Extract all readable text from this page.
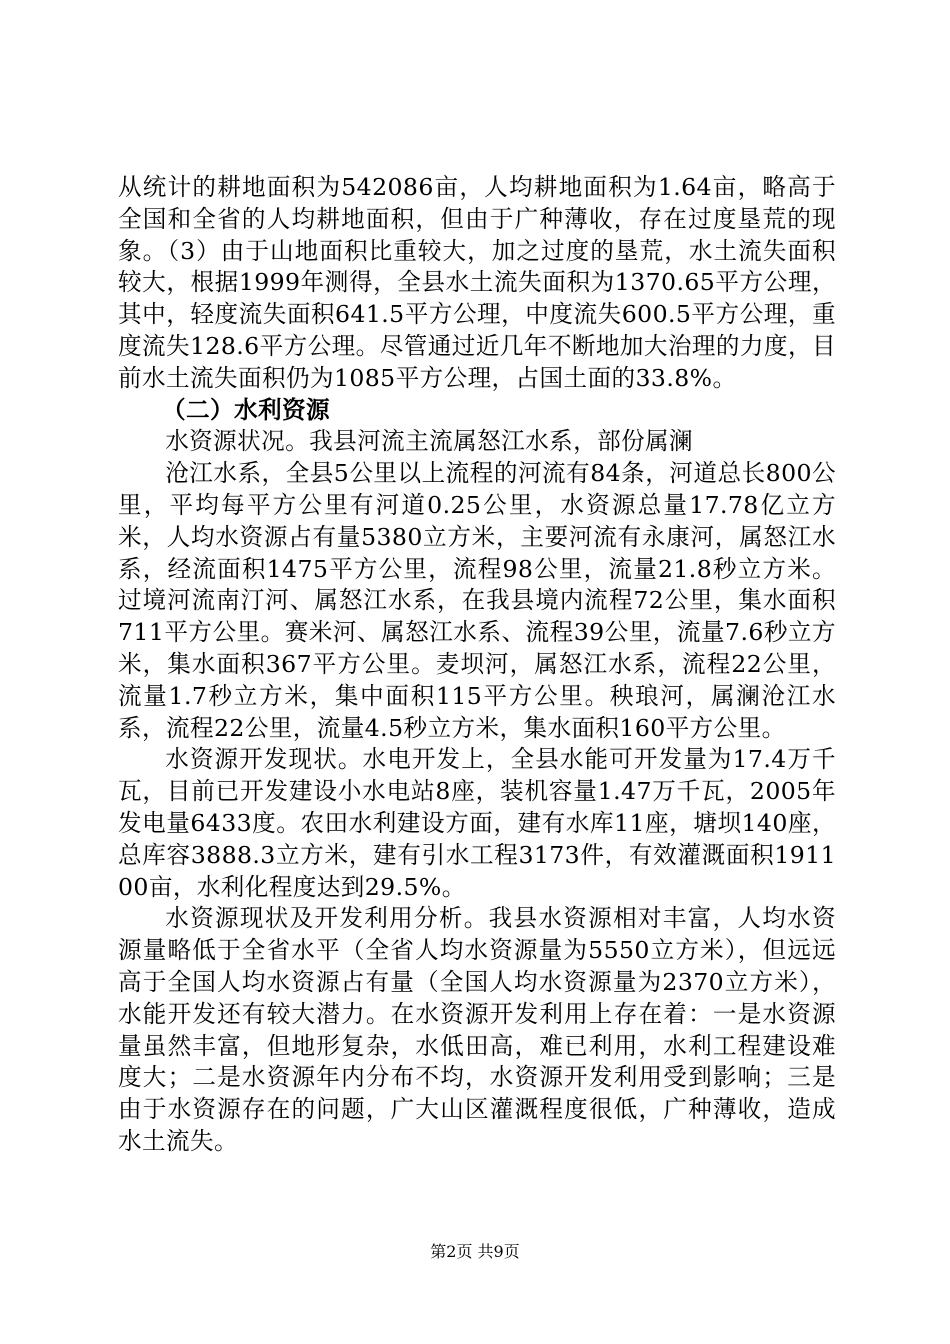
从统计的耕地面积为542086亩，人均耕地面积为1.64亩，略高于全国和全省的人均耕地面积，但由于广种薄收，存在过度垦荒的现象。（3）由于山地面积比重较大，加之过度的垦荒，水土流失面积较大，根据1999年测得，全县水土流失面积为1370.65平方公理，其中，轻度流失面积641.5平方公理，中度流失600.5平方公理，重度流失128.6平方公理。尽管通过近几年不断地加大治理的力度，目前水土流失面积仍为1085平方公理，占国土面的33.8%。

（二）水利资源

水资源状况。我县河流主流属怒江水系，部份属澜

沧江水系，全县5公里以上流程的河流有84条，河道总长800公里，平均每平方公里有河道0.25公里，水资源总量17.78亿立方米，人均水资源占有量5380立方米，主要河流有永康河，属怒江水系，经流面积1475平方公里，流程98公里，流量21.8秒立方米。过境河流南汀河、属怒江水系，在我县境内流程72公里，集水面积711平方公里。赛米河、属怒江水系、流程39公里，流量7.6秒立方米，集水面积367平方公里。麦坝河，属怒江水系，流程22公里，流量1.7秒立方米，集中面积115平方公里。秧琅河，属澜沧江水系，流程22公里，流量4.5秒立方米，集水面积160平方公里。

水资源开发现状。水电开发上，全县水能可开发量为17.4万千瓦，目前已开发建设小水电站8座，装机容量1.47万千瓦，2005年发电量6433度。农田水利建设方面，建有水库11座，塘坝140座，总库容3888.3立方米，建有引水工程3173件，有效灌溉面积191100亩，水利化程度达到29.5%。

水资源现状及开发利用分析。我县水资源相对丰富，人均水资源量略低于全省水平（全省人均水资源量为5550立方米），但远远高于全国人均水资源占有量（全国人均水资源量为2370立方米），水能开发还有较大潜力。在水资源开发利用上存在着：一是水资源量虽然丰富，但地形复杂，水低田高，难已利用，水利工程建设难度大；二是水资源年内分布不均，水资源开发利用受到影响；三是由于水资源存在的问题，广大山区灌溉程度很低，广种薄收，造成水土流失。

第2页 共9页
